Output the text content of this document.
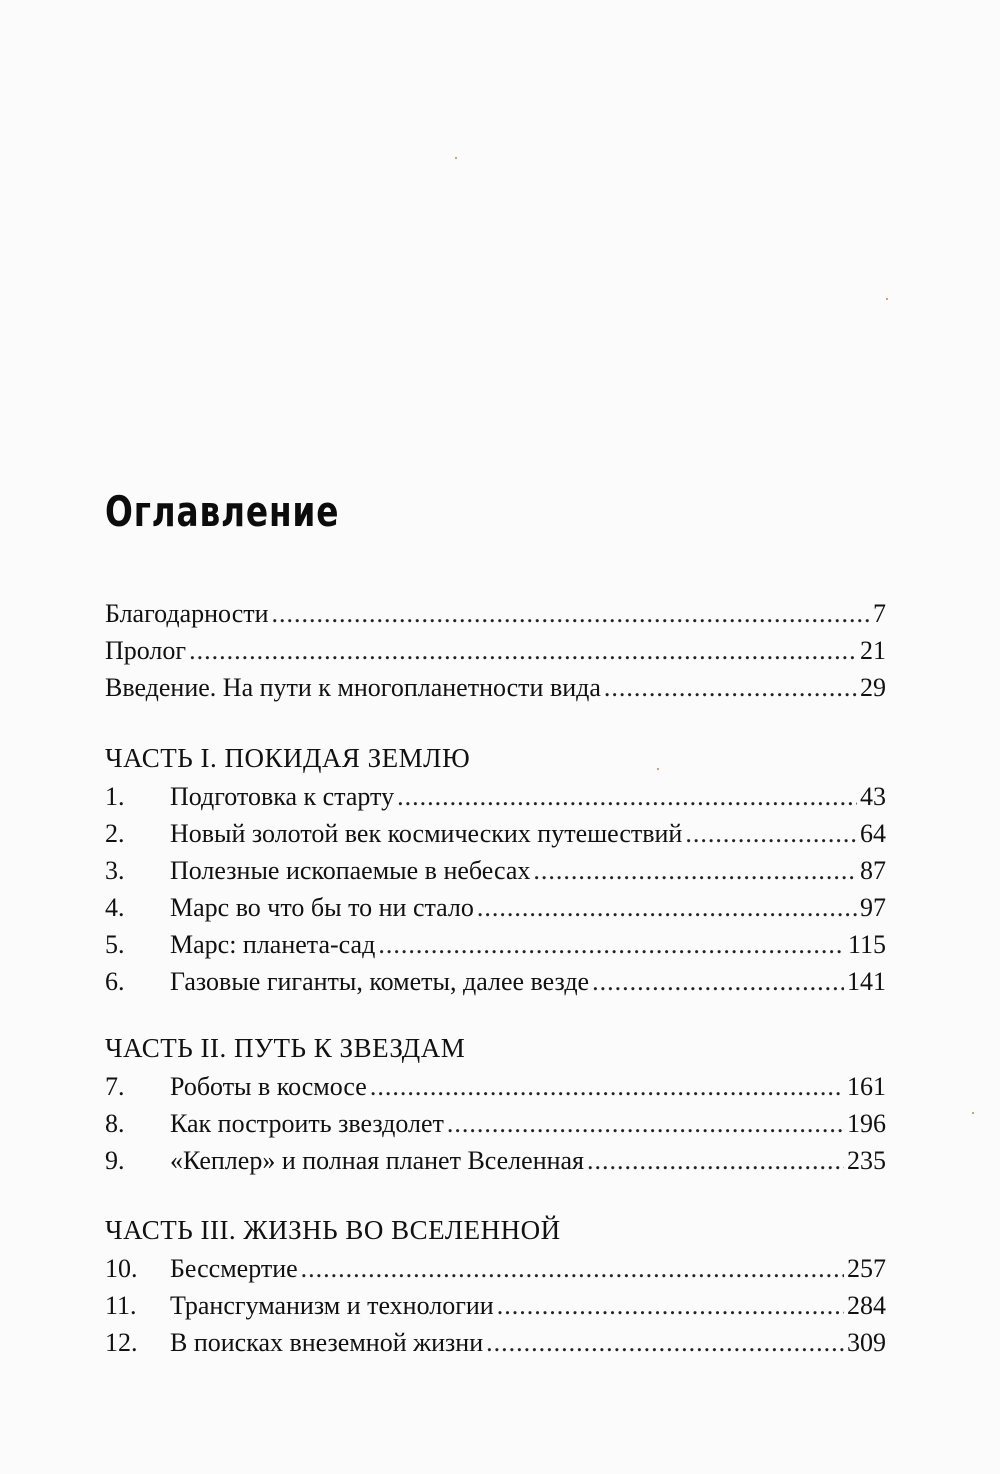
Оглавление
Благодарности .....	7
Пролог .....	21
Введение. На пути к многопланетности вида .....	29
ЧАСТЬ I. ПОКИДАЯ ЗЕМЛЮ
1.	Подготовка к старту .....	43
2.	Новый золотой век космических путешествий .....	64
3.	Полезные ископаемые в небесах .....	87
4.	Марс во что бы то ни стало .....	97
5.	Марс: планета-сад .....	115
6.	Газовые гиганты, кометы, далее везде .....	141
ЧАСТЬ II. ПУТЬ К ЗВЕЗДАМ
7.	Роботы в космосе .....	161
8.	Как построить звездолет .....	196
9.	«Кеплер» и полная планет Вселенная .....	235
ЧАСТЬ III. ЖИЗНЬ ВО ВСЕЛЕННОЙ
10.	Бессмертие .....	257
11.	Трансгуманизм и технологии .....	284
12.	В поисках внеземной жизни .....	309
